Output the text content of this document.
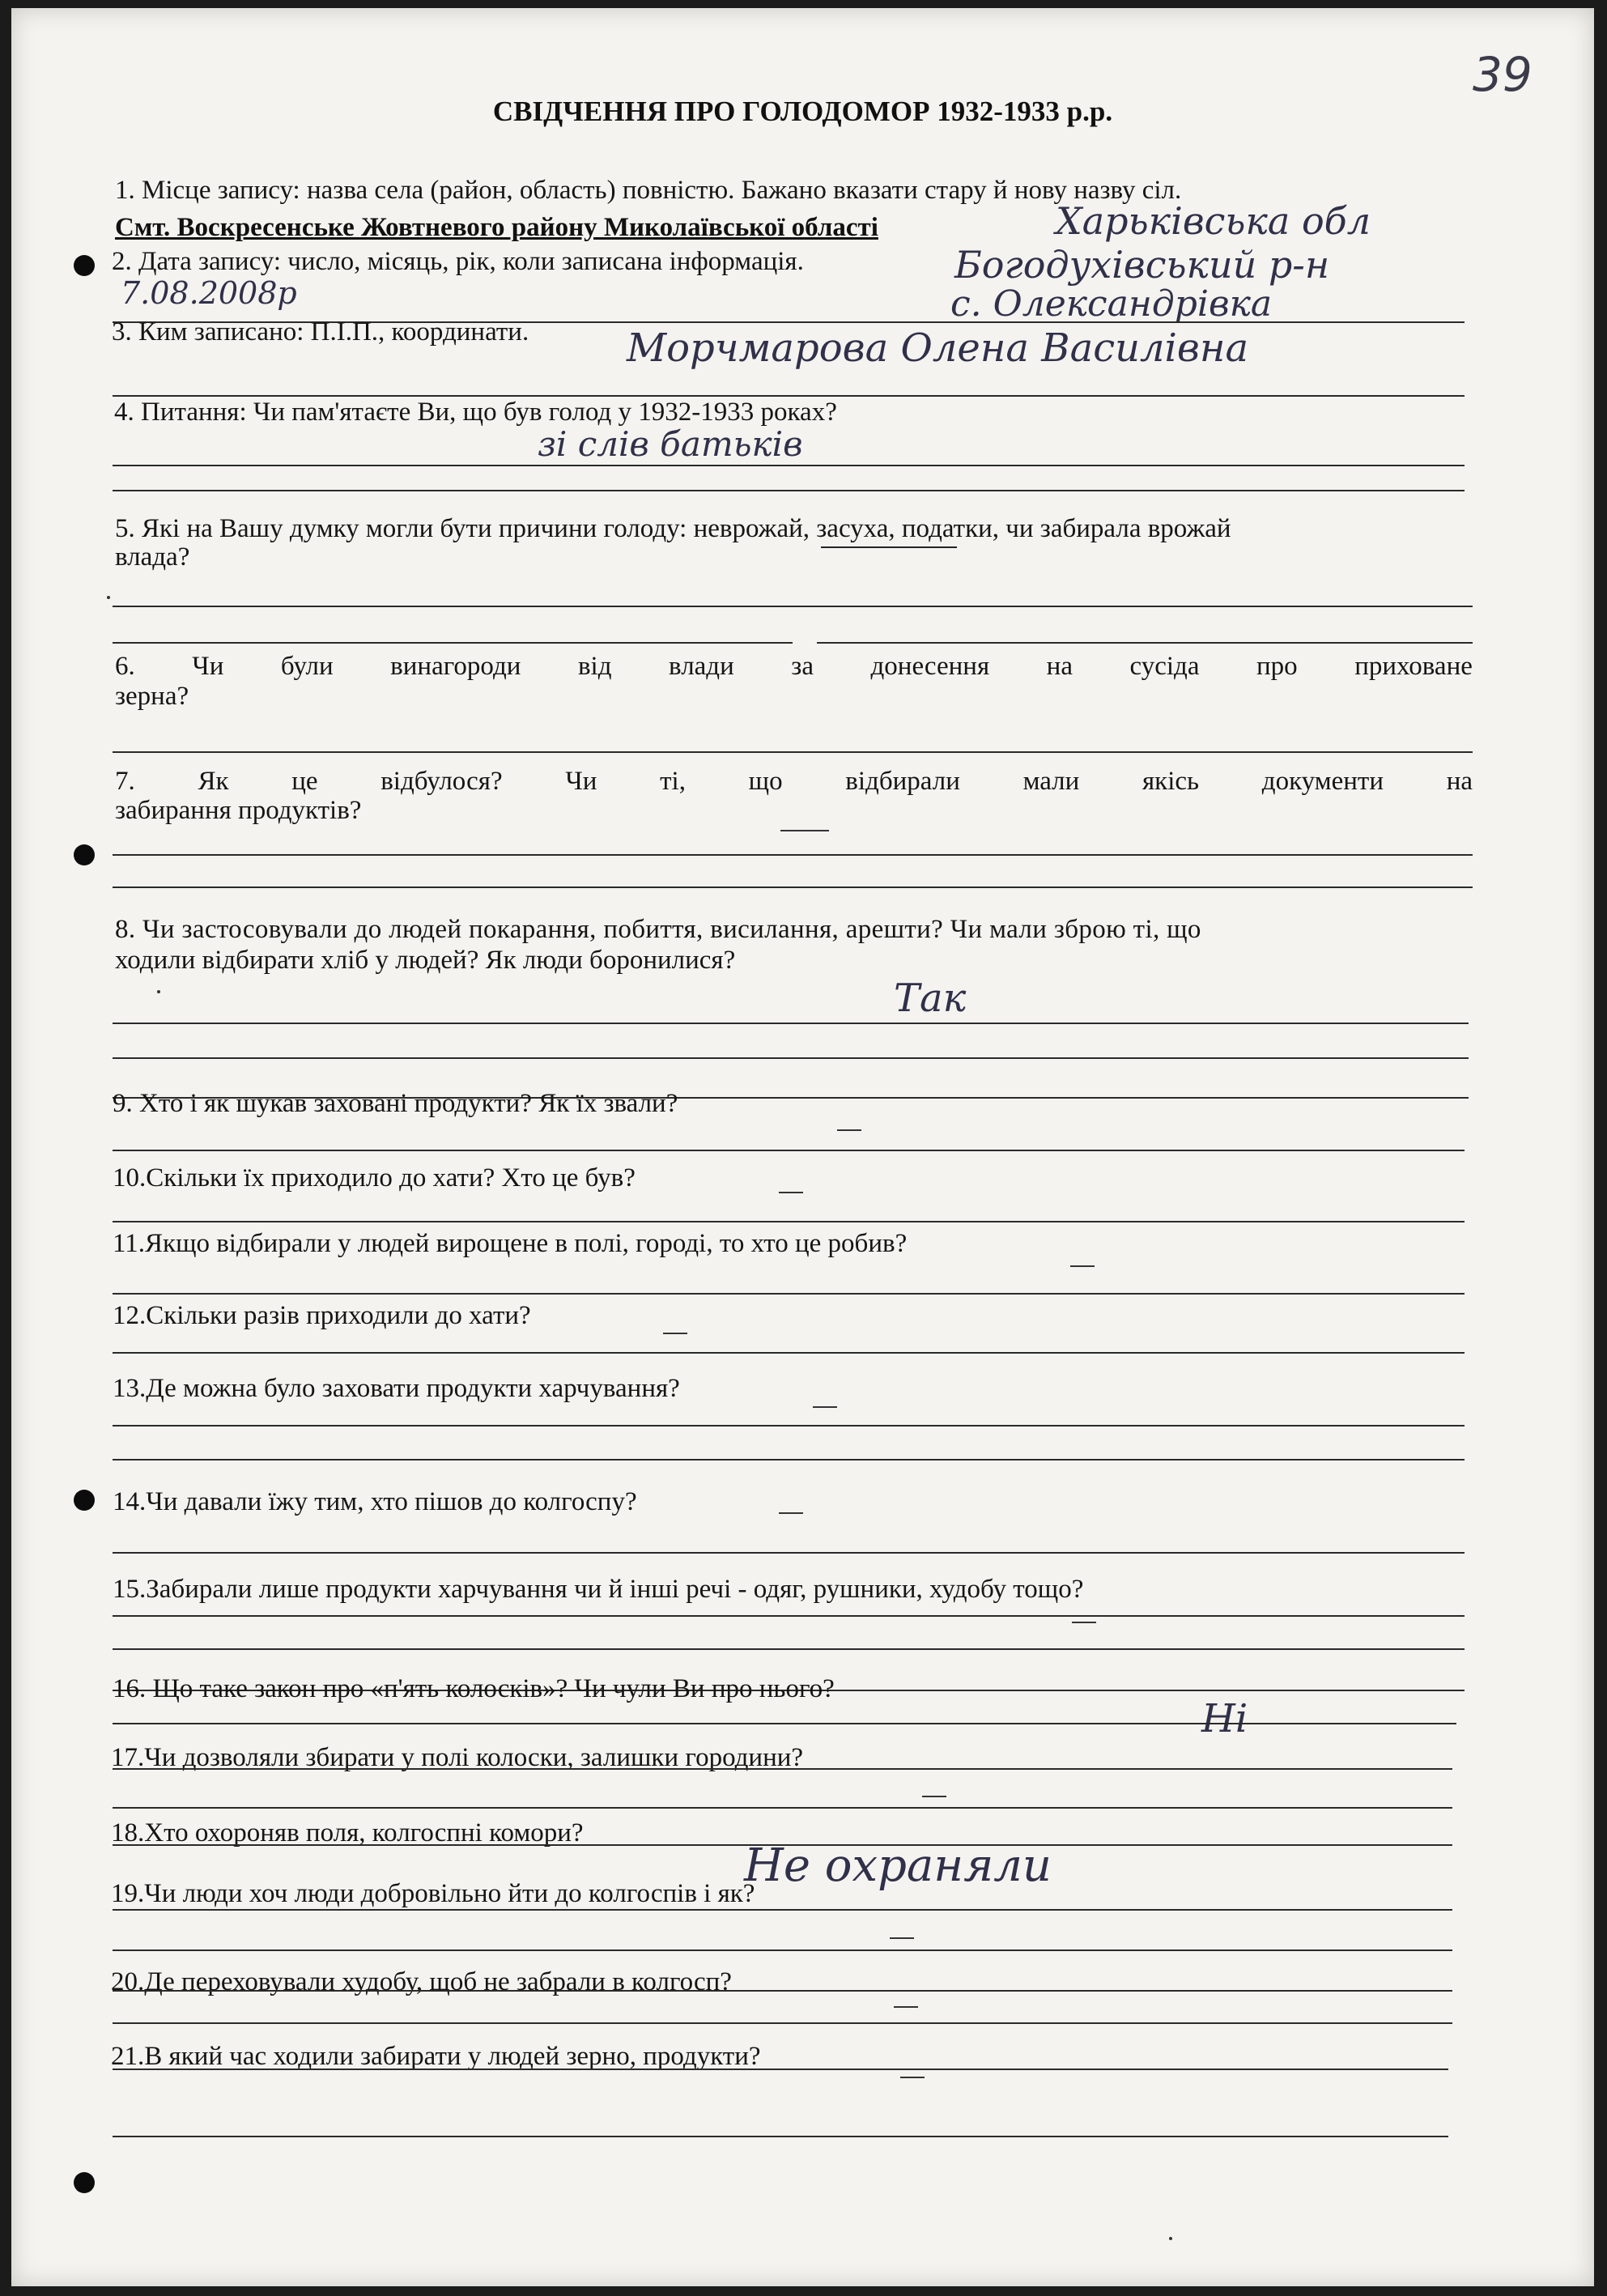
39
СВІДЧЕННЯ ПРО ГОЛОДОМОР 1932-1933 р.р.
1. Місце запису: назва села (район, область) повністю. Бажано вказати стару й нову назву сіл.
Смт. Воскресенське Жовтневого району Миколаївської області	Харьківська обл
2. Дата запису: число, місяць, рік, коли записана інформація.	Богодухівський р-н
7.08.2008р	с. Олександрівка
3. Ким записано: П.І.П., координати.	Морчмарова Олена Василівна
4. Питання: Чи пам'ятаєте Ви, що був голод у 1932-1933 роках?
зі слів батьків
5. Які на Вашу думку могли бути причини голоду: неврожай, засуха, податки, чи забирала врожай
влада?
6. Чи були винагороди від влади за донесення на сусіда про приховане
зерна?
7. Як це відбулося? Чи ті, що відбирали мали якісь документи на
забирання продуктів?
8. Чи застосовували до людей покарання, побиття, висилання, арешти? Чи мали зброю ті, що
ходили відбирати хліб у людей? Як люди боронилися?
Так
9. Хто і як шукав заховані продукти? Як їх звали?
10.Скільки їх приходило до хати? Хто це був?
11.Якщо відбирали у людей вирощене в полі, городі, то хто це робив?
12.Скільки разів приходили до хати?
13.Де можна було заховати продукти харчування?
14.Чи давали їжу тим, хто пішов до колгоспу?
15.Забирали лише продукти харчування чи й інші речі - одяг, рушники, худобу тощо?
16. Що таке закон про «п'ять колосків»? Чи чули Ви про нього?
Ні
17.Чи дозволяли збирати у полі колоски, залишки городини?
18.Хто охороняв поля, колгоспні комори?
Не охраняли
19.Чи люди хоч люди добровільно йти до колгоспів і як?
20.Де переховували худобу, щоб не забрали в колгосп?
21.В який час ходили забирати у людей зерно, продукти?
